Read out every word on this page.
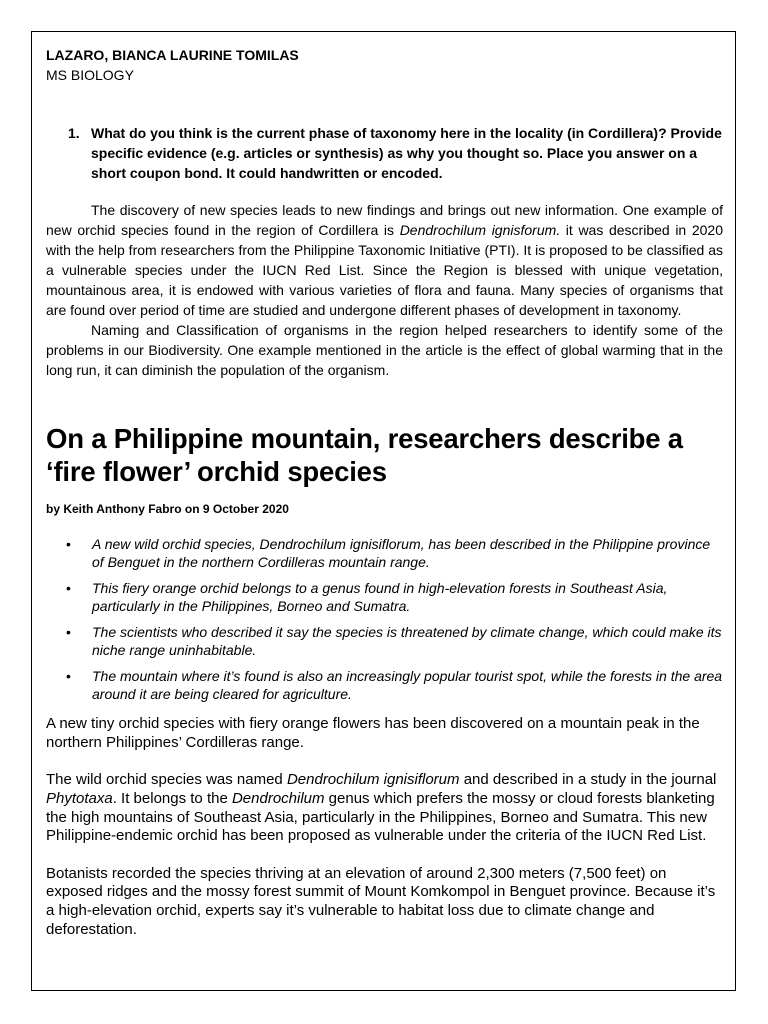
LAZARO, BIANCA LAURINE TOMILAS
MS BIOLOGY
1. What do you think is the current phase of taxonomy here in the locality (in Cordillera)? Provide specific evidence (e.g. articles or synthesis) as why you thought so. Place you answer on a short coupon bond. It could handwritten or encoded.

The discovery of new species leads to new findings and brings out new information. One example of new orchid species found in the region of Cordillera is Dendrochilum ignisforum. it was described in 2020 with the help from researchers from the Philippine Taxonomic Initiative (PTI). It is proposed to be classified as a vulnerable species under the IUCN Red List. Since the Region is blessed with unique vegetation, mountainous area, it is endowed with various varieties of flora and fauna. Many species of organisms that are found over period of time are studied and undergone different phases of development in taxonomy.

Naming and Classification of organisms in the region helped researchers to identify some of the problems in our Biodiversity. One example mentioned in the article is the effect of global warming that in the long run, it can diminish the population of the organism.

On a Philippine mountain, researchers describe a ‘fire flower’ orchid species
by Keith Anthony Fabro on 9 October 2020
• A new wild orchid species, Dendrochilum ignisiflorum, has been described in the Philippine province of Benguet in the northern Cordilleras mountain range.
• This fiery orange orchid belongs to a genus found in high-elevation forests in Southeast Asia, particularly in the Philippines, Borneo and Sumatra.
• The scientists who described it say the species is threatened by climate change, which could make its niche range uninhabitable.
• The mountain where it’s found is also an increasingly popular tourist spot, while the forests in the area around it are being cleared for agriculture.

A new tiny orchid species with fiery orange flowers has been discovered on a mountain peak in the northern Philippines’ Cordilleras range.

The wild orchid species was named Dendrochilum ignisiflorum and described in a study in the journal Phytotaxa. It belongs to the Dendrochilum genus which prefers the mossy or cloud forests blanketing the high mountains of Southeast Asia, particularly in the Philippines, Borneo and Sumatra. This new Philippine-endemic orchid has been proposed as vulnerable under the criteria of the IUCN Red List.

Botanists recorded the species thriving at an elevation of around 2,300 meters (7,500 feet) on exposed ridges and the mossy forest summit of Mount Komkompol in Benguet province. Because it’s a high-elevation orchid, experts say it’s vulnerable to habitat loss due to climate change and deforestation.
